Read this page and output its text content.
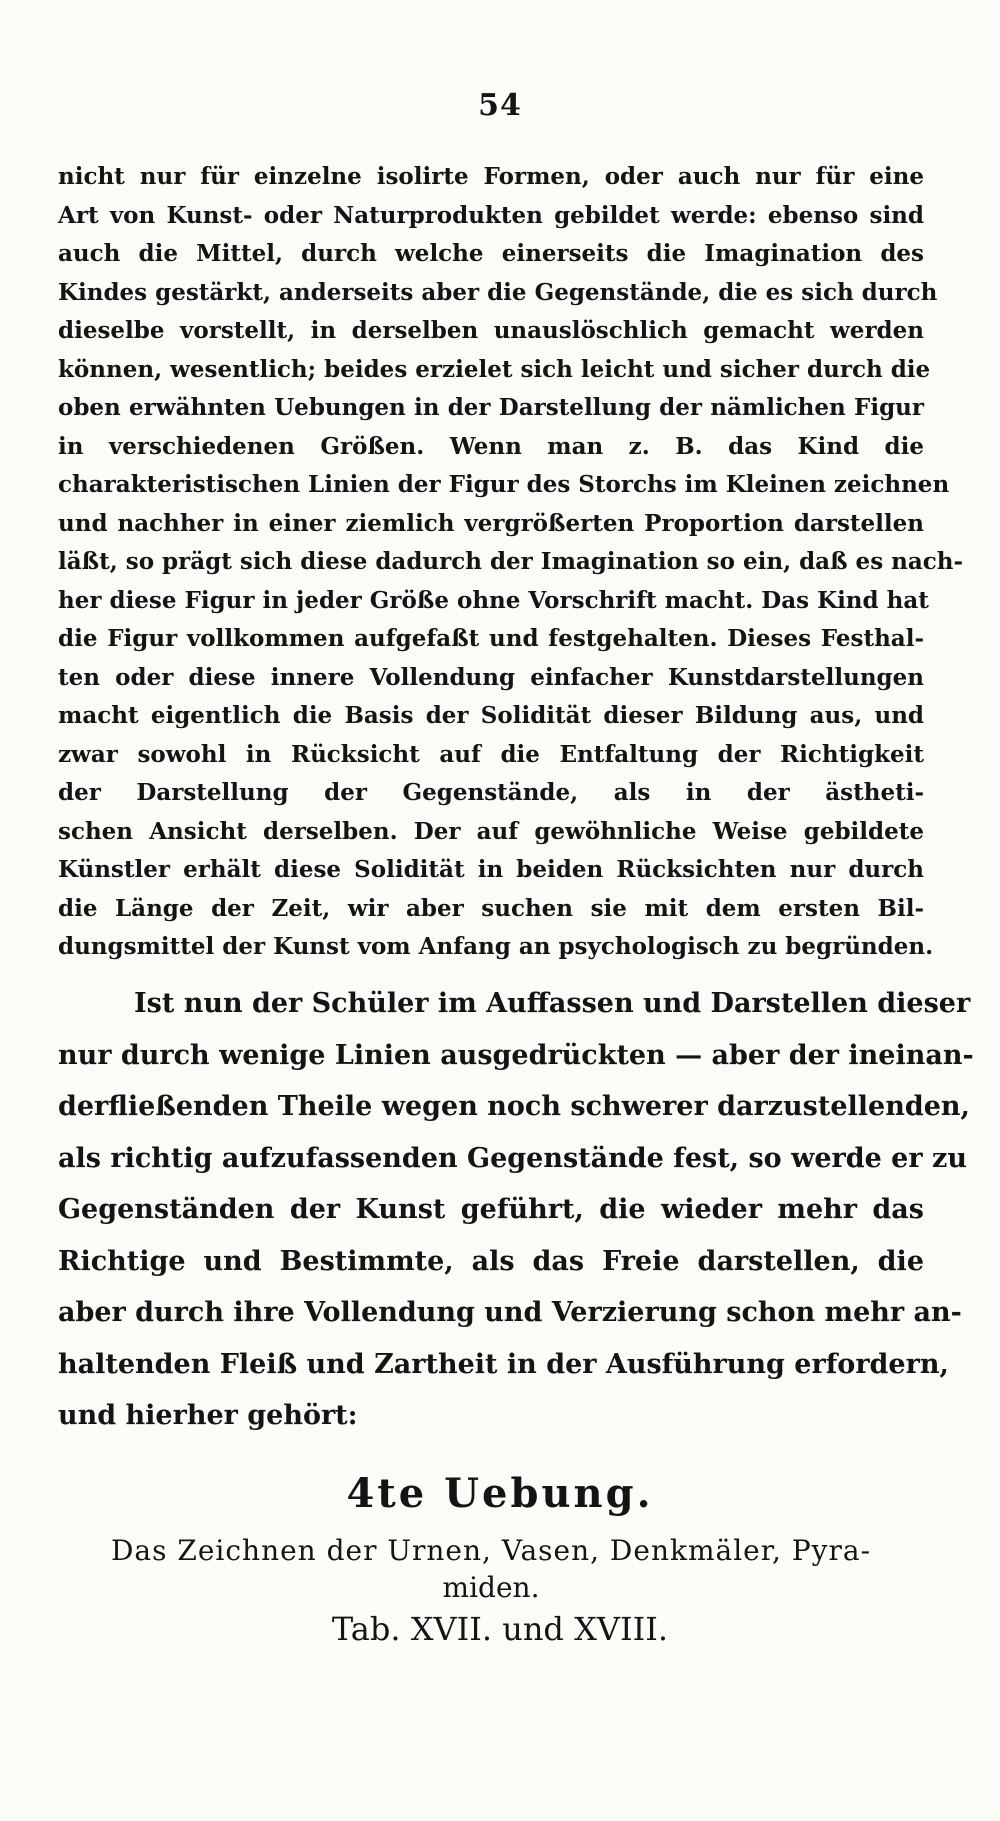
54
nicht nur für einzelne isolirte Formen, oder auch nur für eine
Art von Kunst- oder Naturprodukten gebildet werde: ebenso sind
auch die Mittel, durch welche einerseits die Imagination des
Kindes gestärkt, anderseits aber die Gegenstände, die es sich durch
dieselbe vorstellt, in derselben unauslöschlich gemacht werden
können, wesentlich; beides erzielet sich leicht und sicher durch die
oben erwähnten Uebungen in der Darstellung der nämlichen Figur
in verschiedenen Größen. Wenn man z. B. das Kind die
charakteristischen Linien der Figur des Storchs im Kleinen zeichnen
und nachher in einer ziemlich vergrößerten Proportion darstellen
läßt, so prägt sich diese dadurch der Imagination so ein, daß es nach-
her diese Figur in jeder Größe ohne Vorschrift macht. Das Kind hat
die Figur vollkommen aufgefaßt und festgehalten. Dieses Festhal-
ten oder diese innere Vollendung einfacher Kunstdarstellungen
macht eigentlich die Basis der Solidität dieser Bildung aus, und
zwar sowohl in Rücksicht auf die Entfaltung der Richtigkeit
der Darstellung der Gegenstände, als in der ästheti-
schen Ansicht derselben. Der auf gewöhnliche Weise gebildete
Künstler erhält diese Solidität in beiden Rücksichten nur durch
die Länge der Zeit, wir aber suchen sie mit dem ersten Bil-
dungsmittel der Kunst vom Anfang an psychologisch zu begründen.
Ist nun der Schüler im Auffassen und Darstellen dieser
nur durch wenige Linien ausgedrückten — aber der ineinan-
derfließenden Theile wegen noch schwerer darzustellenden,
als richtig aufzufassenden Gegenstände fest, so werde er zu
Gegenständen der Kunst geführt, die wieder mehr das
Richtige und Bestimmte, als das Freie darstellen, die
aber durch ihre Vollendung und Verzierung schon mehr an-
haltenden Fleiß und Zartheit in der Ausführung erfordern,
und hierher gehört:
4te Uebung.
Das Zeichnen der Urnen, Vasen, Denkmäler, Pyra-
miden.
Tab. XVII. und XVIII.
